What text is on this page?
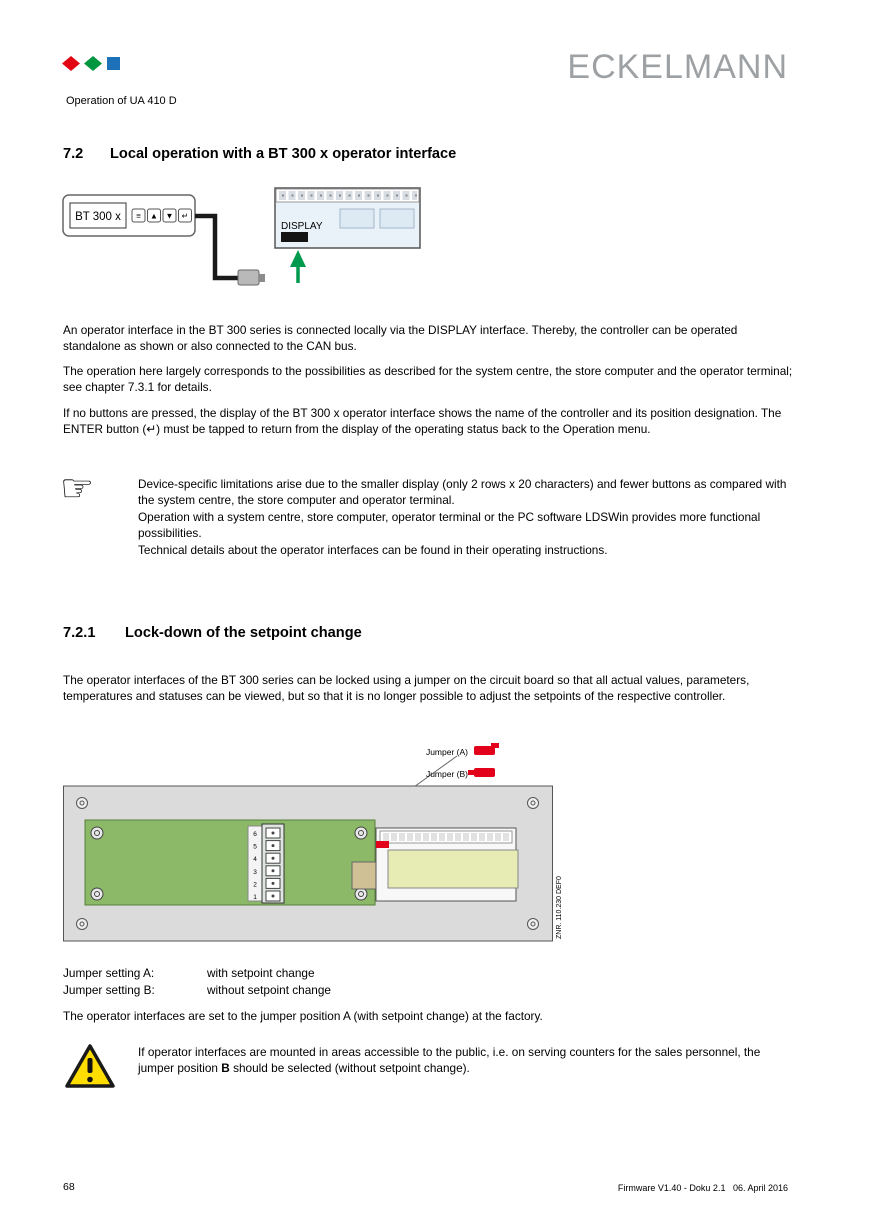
ECKELMANN
Operation of UA 410 D
7.2 Local operation with a BT 300 x operator interface
BT 300 x ≡ ▲ ▼ ↵
DISPLAY
An operator interface in the BT 300 series is connected locally via the DISPLAY interface. Thereby, the controller can be operated standalone as shown or also connected to the CAN bus.
The operation here largely corresponds to the possibilities as described for the system centre, the store computer and the operator terminal; see chapter 7.3.1 for details.
If no buttons are pressed, the display of the BT 300 x operator interface shows the name of the controller and its position designation. The ENTER button (↵) must be tapped to return from the display of the operating status back to the Operation menu.
☞	Device-specific limitations arise due to the smaller display (only 2 rows x 20 characters) and fewer buttons as compared with the system centre, the store computer and operator terminal.
Operation with a system centre, store computer, operator terminal or the PC software LDSWin provides more functional possibilities.
Technical details about the operator interfaces can be found in their operating instructions.
7.2.1 Lock-down of the setpoint change
The operator interfaces of the BT 300 series can be locked using a jumper on the circuit board so that all actual values, parameters, temperatures and statuses can be viewed, but so that it is no longer possible to adjust the setpoints of the respective controller.
Jumper (A)
Jumper (B)
6
5
4
3
2
1	ZNR. 110.230 DEF0
Jumper setting A:	with setpoint change
Jumper setting B:	without setpoint change
The operator interfaces are set to the jumper position A (with setpoint change) at the factory.
If operator interfaces are mounted in areas accessible to the public, i.e. on serving counters for the sales personnel, the jumper position B should be selected (without setpoint change).
68	Firmware V1.40 - Doku 2.1   06. April 2016
